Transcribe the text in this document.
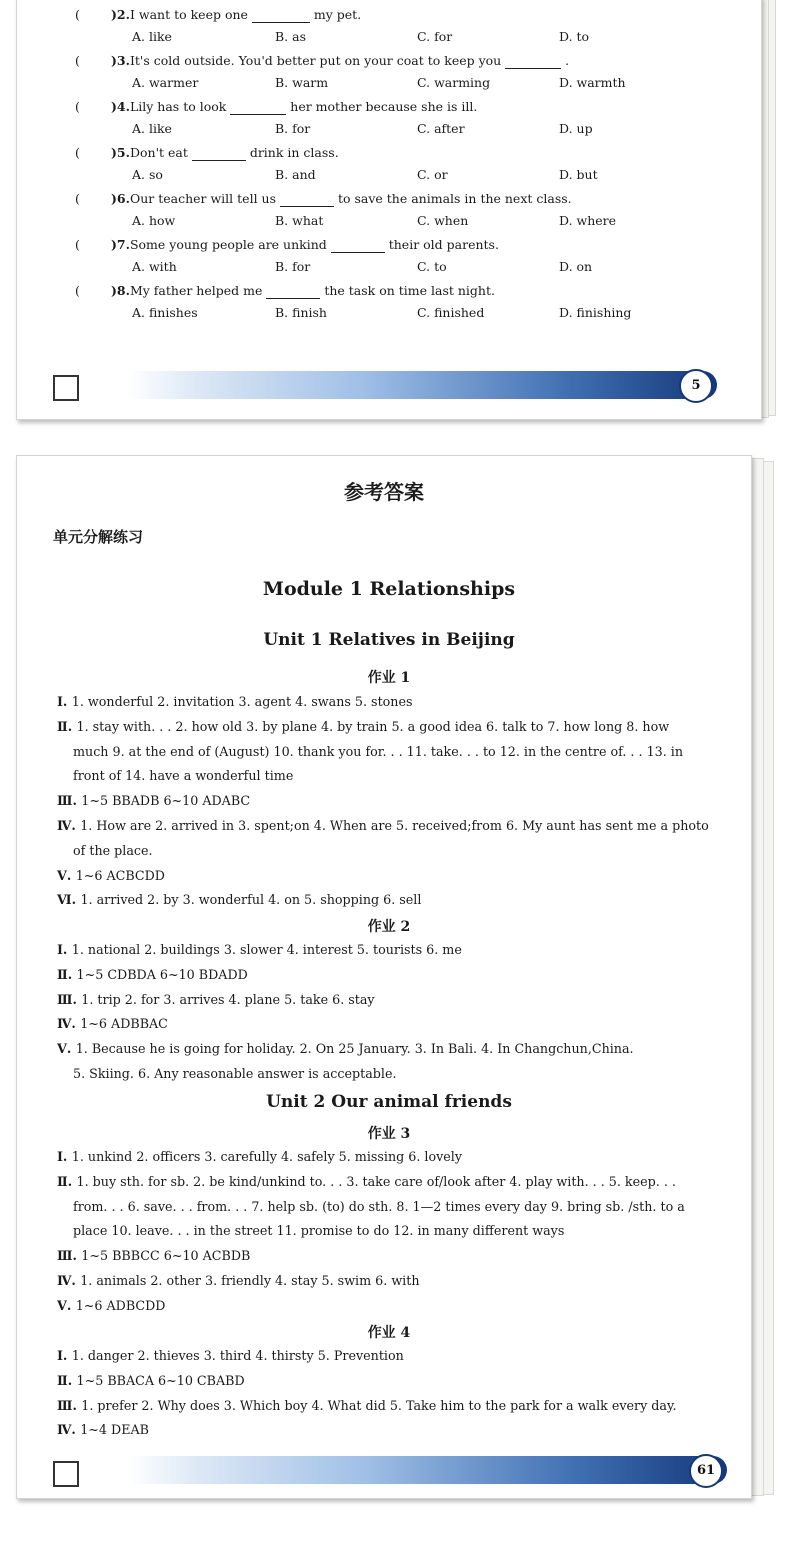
( )2.I want to keep one	my pet.
A. like	B. as	C. for	D. to
( )3.It's cold outside. You'd better put on your coat to keep you	.
A. warmer	B. warm	C. warming	D. warmth
( )4.Lily has to look	her mother because she is ill.
A. like	B. for	C. after	D. up
( )5.Don't eat	drink in class.
A. so	B. and	C. or	D. but
( )6.Our teacher will tell us	to save the animals in the next class.
A. how	B. what	C. when	D. where
( )7.Some young people are unkind	their old parents.
A. with	B. for	C. to	D. on
( )8.My father helped me	the task on time last night.
A. finishes	B. finish	C. finished	D. finishing
5
参考答案
单元分解练习
Module 1 Relationships
Unit 1 Relatives in Beijing
作业 1
Ⅰ. 1. wonderful 2. invitation 3. agent 4. swans 5. stones
Ⅱ. 1. stay with. . . 2. how old 3. by plane 4. by train 5. a good idea 6. talk to 7. how long 8. how
much 9. at the end of (August) 10. thank you for. . . 11. take. . . to 12. in the centre of. . . 13. in
front of 14. have a wonderful time
Ⅲ. 1~5 BBADB 6~10 ADABC
Ⅳ. 1. How are 2. arrived in 3. spent;on 4. When are 5. received;from 6. My aunt has sent me a photo
of the place.
Ⅴ. 1~6 ACBCDD
Ⅵ. 1. arrived 2. by 3. wonderful 4. on 5. shopping 6. sell
作业 2
Ⅰ. 1. national 2. buildings 3. slower 4. interest 5. tourists 6. me
Ⅱ. 1~5 CDBDA 6~10 BDADD
Ⅲ. 1. trip 2. for 3. arrives 4. plane 5. take 6. stay
Ⅳ. 1~6 ADBBAC
Ⅴ. 1. Because he is going for holiday. 2. On 25 January. 3. In Bali. 4. In Changchun,China.
5. Skiing. 6. Any reasonable answer is acceptable.
Unit 2 Our animal friends
作业 3
Ⅰ. 1. unkind 2. officers 3. carefully 4. safely 5. missing 6. lovely
Ⅱ. 1. buy sth. for sb. 2. be kind/unkind to. . . 3. take care of/look after 4. play with. . . 5. keep. . .
from. . . 6. save. . . from. . . 7. help sb. (to) do sth. 8. 1—2 times every day 9. bring sb. /sth. to a
place 10. leave. . . in the street 11. promise to do 12. in many different ways
Ⅲ. 1~5 BBBCC 6~10 ACBDB
Ⅳ. 1. animals 2. other 3. friendly 4. stay 5. swim 6. with
Ⅴ. 1~6 ADBCDD
作业 4
Ⅰ. 1. danger 2. thieves 3. third 4. thirsty 5. Prevention
Ⅱ. 1~5 BBACA 6~10 CBABD
Ⅲ. 1. prefer 2. Why does 3. Which boy 4. What did 5. Take him to the park for a walk every day.
Ⅳ. 1~4 DEAB
61
